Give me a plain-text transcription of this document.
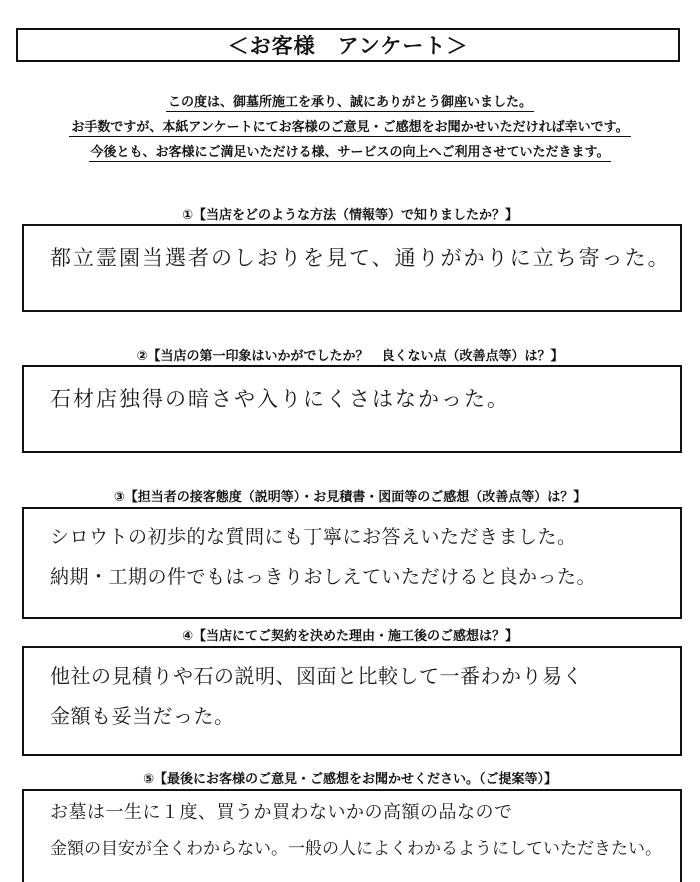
＜お客様　アンケート＞
この度は、御墓所施工を承り、誠にありがとう御座いました。
お手数ですが、本紙アンケートにてお客様のご意見・ご感想をお聞かせいただければ幸いです。
今後とも、お客様にご満足いただける様、サービスの向上へご利用させていただきます。
①【当店をどのような方法（情報等）で知りましたか？】
都立霊園当選者のしおりを見て、通りがかりに立ち寄った。
②【当店の第一印象はいかがでしたか？　良くない点（改善点等）は？】
石材店独得の暗さや入りにくさはなかった。
③【担当者の接客態度（説明等）・お見積書・図面等のご感想（改善点等）は？】
シロウトの初歩的な質問にも丁寧にお答えいただきました。
納期・工期の件でもはっきりおしえていただけると良かった。
④【当店にてご契約を決めた理由・施工後のご感想は？】
他社の見積りや石の説明、図面と比較して一番わかり易く
金額も妥当だった。
⑤【最後にお客様のご意見・ご感想をお聞かせください。（ご提案等）】
お墓は一生に１度、買うか買わないかの高額の品なので
金額の目安が全くわからない。一般の人によくわかるようにしていただきたい。
